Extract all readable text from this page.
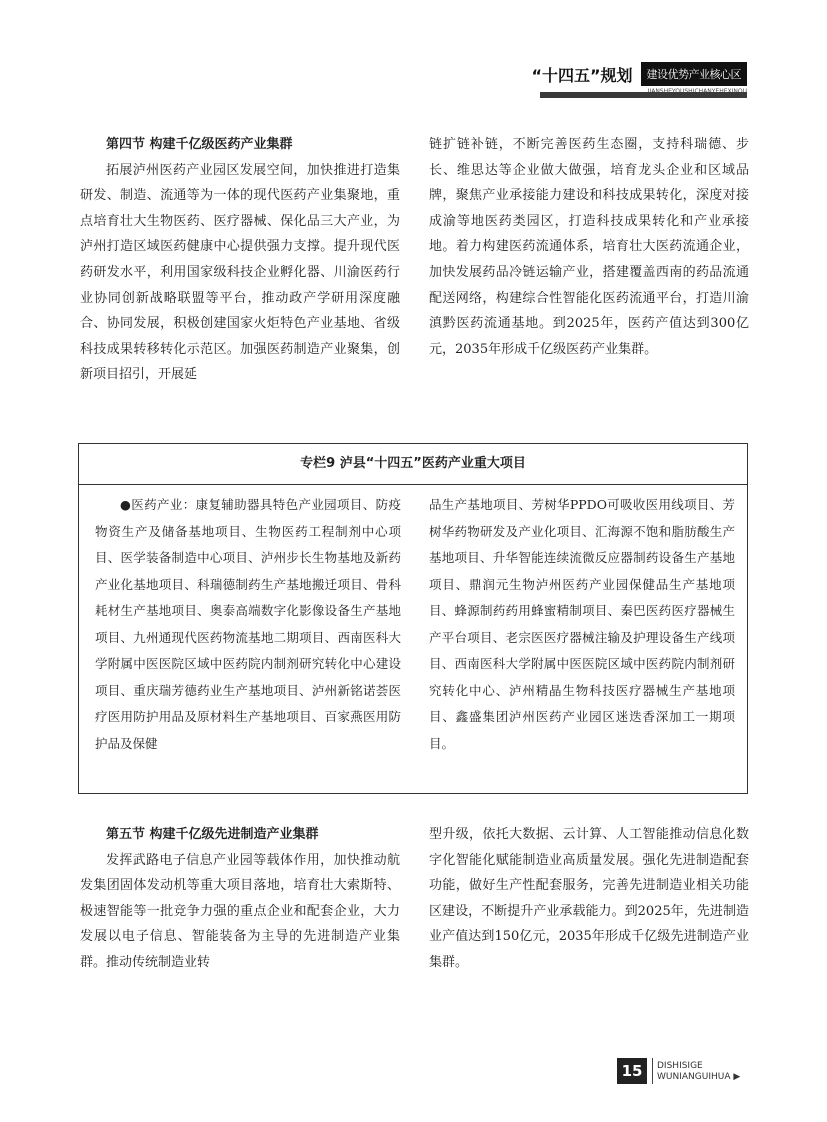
“十四五”规划 建设优势产业核心区
第四节 构建千亿级医药产业集群

拓展泸州医药产业园区发展空间，加快推进打造集研发、制造、流通等为一体的现代医药产业集聚地，重点培育壮大生物医药、医疗器械、保化品三大产业，为泸州打造区域医药健康中心提供强力支撑。提升现代医药研发水平，利用国家级科技企业孵化器、川渝医药行业协同创新战略联盟等平台，推动政产学研用深度融合、协同发展，积极创建国家火炬特色产业基地、省级科技成果转移转化示范区。加强医药制造产业聚集，创新项目招引，开展延

链扩链补链，不断完善医药生态圈，支持科瑞德、步长、维思达等企业做大做强，培育龙头企业和区域品牌，聚焦产业承接能力建设和科技成果转化，深度对接成渝等地医药类园区，打造科技成果转化和产业承接地。着力构建医药流通体系，培育壮大医药流通企业，加快发展药品冷链运输产业，搭建覆盖西南的药品流通配送网络，构建综合性智能化医药流通平台，打造川渝滇黔医药流通基地。到2025年，医药产值达到300亿元，2035年形成千亿级医药产业集群。

专栏9 泸县“十四五”医药产业重大项目

●医药产业：康复辅助器具特色产业园项目、防疫物资生产及储备基地项目、生物医药工程制剂中心项目、医学装备制造中心项目、泸州步长生物基地及新药产业化基地项目、科瑞德制药生产基地搬迁项目、骨科耗材生产基地项目、奥泰高端数字化影像设备生产基地项目、九州通现代医药物流基地二期项目、西南医科大学附属中医医院区域中医药院内制剂研究转化中心建设项目、重庆瑞芳德药业生产基地项目、泸州新铭诺荟医疗医用防护用品及原材料生产基地项目、百家燕医用防护品及保健

品生产基地项目、芳树华PPDO可吸收医用线项目、芳树华药物研发及产业化项目、汇海源不饱和脂肪酸生产基地项目、升华智能连续流微反应器制药设备生产基地项目、鼎润元生物泸州医药产业园保健品生产基地项目、蜂源制药药用蜂蜜精制项目、秦巴医药医疗器械生产平台项目、老宗医医疗器械注输及护理设备生产线项目、西南医科大学附属中医医院区域中医药院内制剂研究转化中心、泸州精晶生物科技医疗器械生产基地项目、鑫盛集团泸州医药产业园区迷迭香深加工一期项目。

第五节 构建千亿级先进制造产业集群

发挥武路电子信息产业园等载体作用，加快推动航发集团固体发动机等重大项目落地，培育壮大索斯特、极速智能等一批竞争力强的重点企业和配套企业，大力发展以电子信息、智能装备为主导的先进制造产业集群。推动传统制造业转

型升级，依托大数据、云计算、人工智能推动信息化数字化智能化赋能制造业高质量发展。强化先进制造配套功能，做好生产性配套服务，完善先进制造业相关功能区建设，不断提升产业承载能力。到2025年，先进制造业产值达到150亿元，2035年形成千亿级先进制造产业集群。

15	DISHISIGE
WUNIANGUIHUA ▶
